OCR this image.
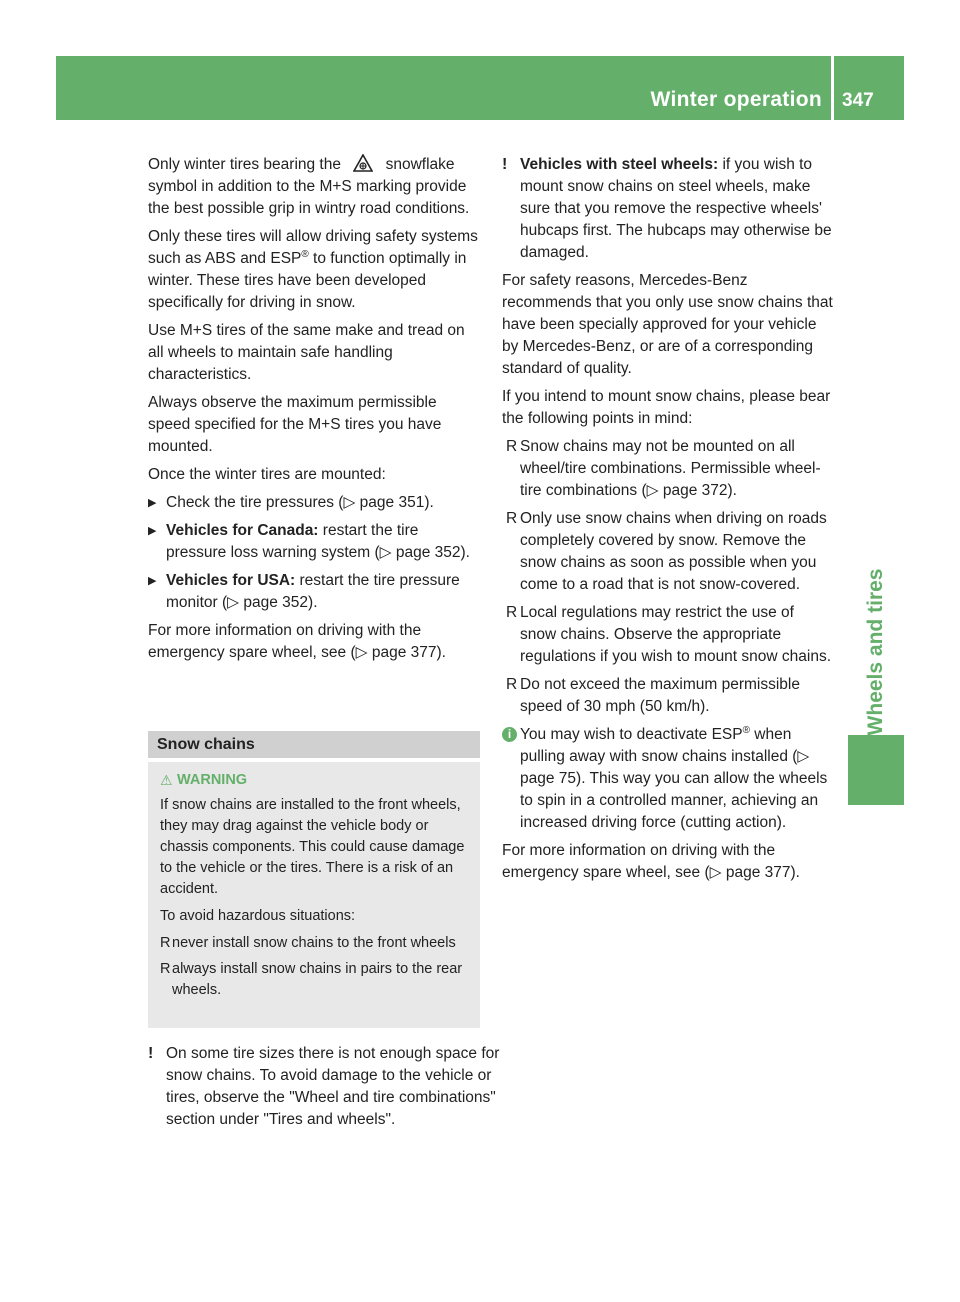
Winter operation 347
Wheels and tires

Only winter tires bearing the	snowflake symbol in addition to the M+S marking provide the best possible grip in wintry road conditions.

Only these tires will allow driving safety systems such as ABS and ESP® to function optimally in winter. These tires have been developed specifically for driving in snow.

Use M+S tires of the same make and tread on all wheels to maintain safe handling characteristics.

Always observe the maximum permissible speed specified for the M+S tires you have mounted.

Once the winter tires are mounted:

▶ Check the tire pressures (▷ page 351).
▶ Vehicles for Canada: restart the tire pressure loss warning system (▷ page 352).
▶ Vehicles for USA: restart the tire pressure monitor (▷ page 352).

For more information on driving with the emergency spare wheel, see (▷ page 377).

Snow chains
⚠ WARNING

If snow chains are installed to the front wheels, they may drag against the vehicle body or chassis components. This could cause damage to the vehicle or the tires. There is a risk of an accident.

To avoid hazardous situations:

R never install snow chains to the front wheels
R always install snow chains in pairs to the rear wheels.
! On some tire sizes there is not enough space for snow chains. To avoid damage to the vehicle or tires, observe the "Wheel and tire combinations" section under "Tires and wheels".
! Vehicles with steel wheels: if you wish to mount snow chains on steel wheels, make sure that you remove the respective wheels' hubcaps first. The hubcaps may otherwise be damaged.

For safety reasons, Mercedes-Benz recommends that you only use snow chains that have been specially approved for your vehicle by Mercedes-Benz, or are of a corresponding standard of quality.

If you intend to mount snow chains, please bear the following points in mind:

R Snow chains may not be mounted on all wheel/tire combinations. Permissible wheel-tire combinations (▷ page 372).
R Only use snow chains when driving on roads completely covered by snow. Remove the snow chains as soon as possible when you come to a road that is not snow-covered.
R Local regulations may restrict the use of snow chains. Observe the appropriate regulations if you wish to mount snow chains.
R Do not exceed the maximum permissible speed of 30 mph (50 km/h).
i You may wish to deactivate ESP® when pulling away with snow chains installed (▷ page 75). This way you can allow the wheels to spin in a controlled manner, achieving an increased driving force (cutting action).

For more information on driving with the emergency spare wheel, see (▷ page 377).
